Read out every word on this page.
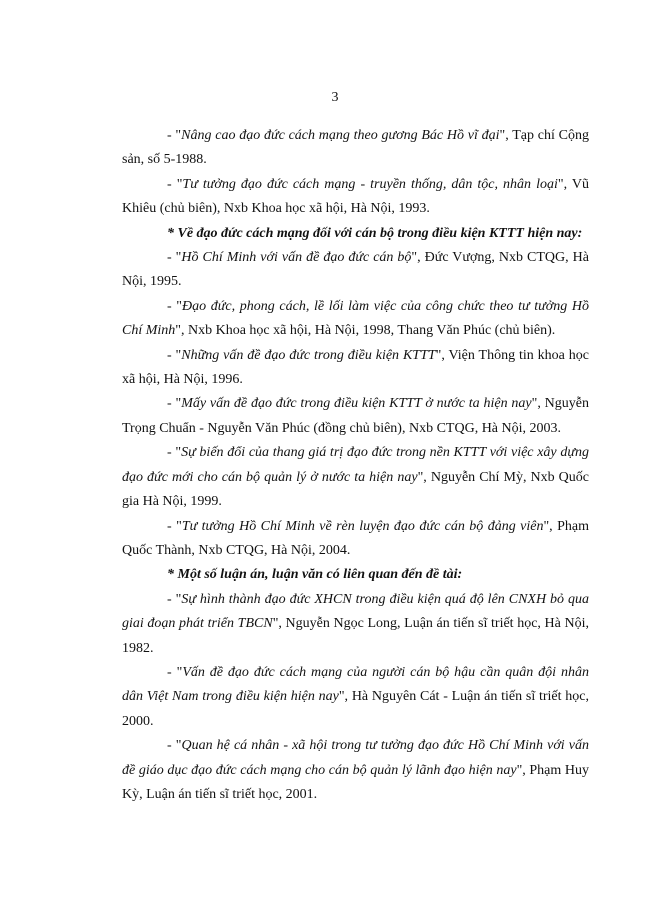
3

- "Nâng cao đạo đức cách mạng theo gương Bác Hồ vĩ đại", Tạp chí Cộng sản, số 5-1988.

- "Tư tưởng đạo đức cách mạng - truyền thống, dân tộc, nhân loại", Vũ Khiêu (chủ biên), Nxb Khoa học xã hội, Hà Nội, 1993.

* Về đạo đức cách mạng đối với cán bộ trong điều kiện KTTT hiện nay:

- "Hồ Chí Minh với vấn đề đạo đức cán bộ", Đức Vượng, Nxb CTQG, Hà Nội, 1995.

- "Đạo đức, phong cách, lề lối làm việc của công chức theo tư tưởng Hồ Chí Minh", Nxb Khoa học xã hội, Hà Nội, 1998, Thang Văn Phúc (chủ biên).

- "Những vấn đề đạo đức trong điều kiện KTTT", Viện Thông tin khoa học xã hội, Hà Nội, 1996.

- "Mấy vấn đề đạo đức trong điều kiện KTTT ở nước ta hiện nay", Nguyễn Trọng Chuẩn - Nguyễn Văn Phúc (đồng chủ biên), Nxb CTQG, Hà Nội, 2003.

- "Sự biến đổi của thang giá trị đạo đức trong nền KTTT với việc xây dựng đạo đức mới cho cán bộ quản lý ở nước ta hiện nay", Nguyễn Chí Mỳ, Nxb Quốc gia Hà Nội, 1999.

- "Tư tưởng Hồ Chí Minh về rèn luyện đạo đức cán bộ đảng viên", Phạm Quốc Thành, Nxb CTQG, Hà Nội, 2004.

* Một số luận án, luận văn có liên quan đến đề tài:

- "Sự hình thành đạo đức XHCN trong điều kiện quá độ lên CNXH bỏ qua giai đoạn phát triển TBCN", Nguyễn Ngọc Long, Luận án tiến sĩ triết học, Hà Nội, 1982.

- "Vấn đề đạo đức cách mạng của người cán bộ hậu cần quân đội nhân dân Việt Nam trong điều kiện hiện nay", Hà Nguyên Cát - Luận án tiến sĩ triết học, 2000.

- "Quan hệ cá nhân - xã hội trong tư tưởng đạo đức Hồ Chí Minh với vấn đề giáo dục đạo đức cách mạng cho cán bộ quản lý lãnh đạo hiện nay", Phạm Huy Kỳ, Luận án tiến sĩ triết học, 2001.
